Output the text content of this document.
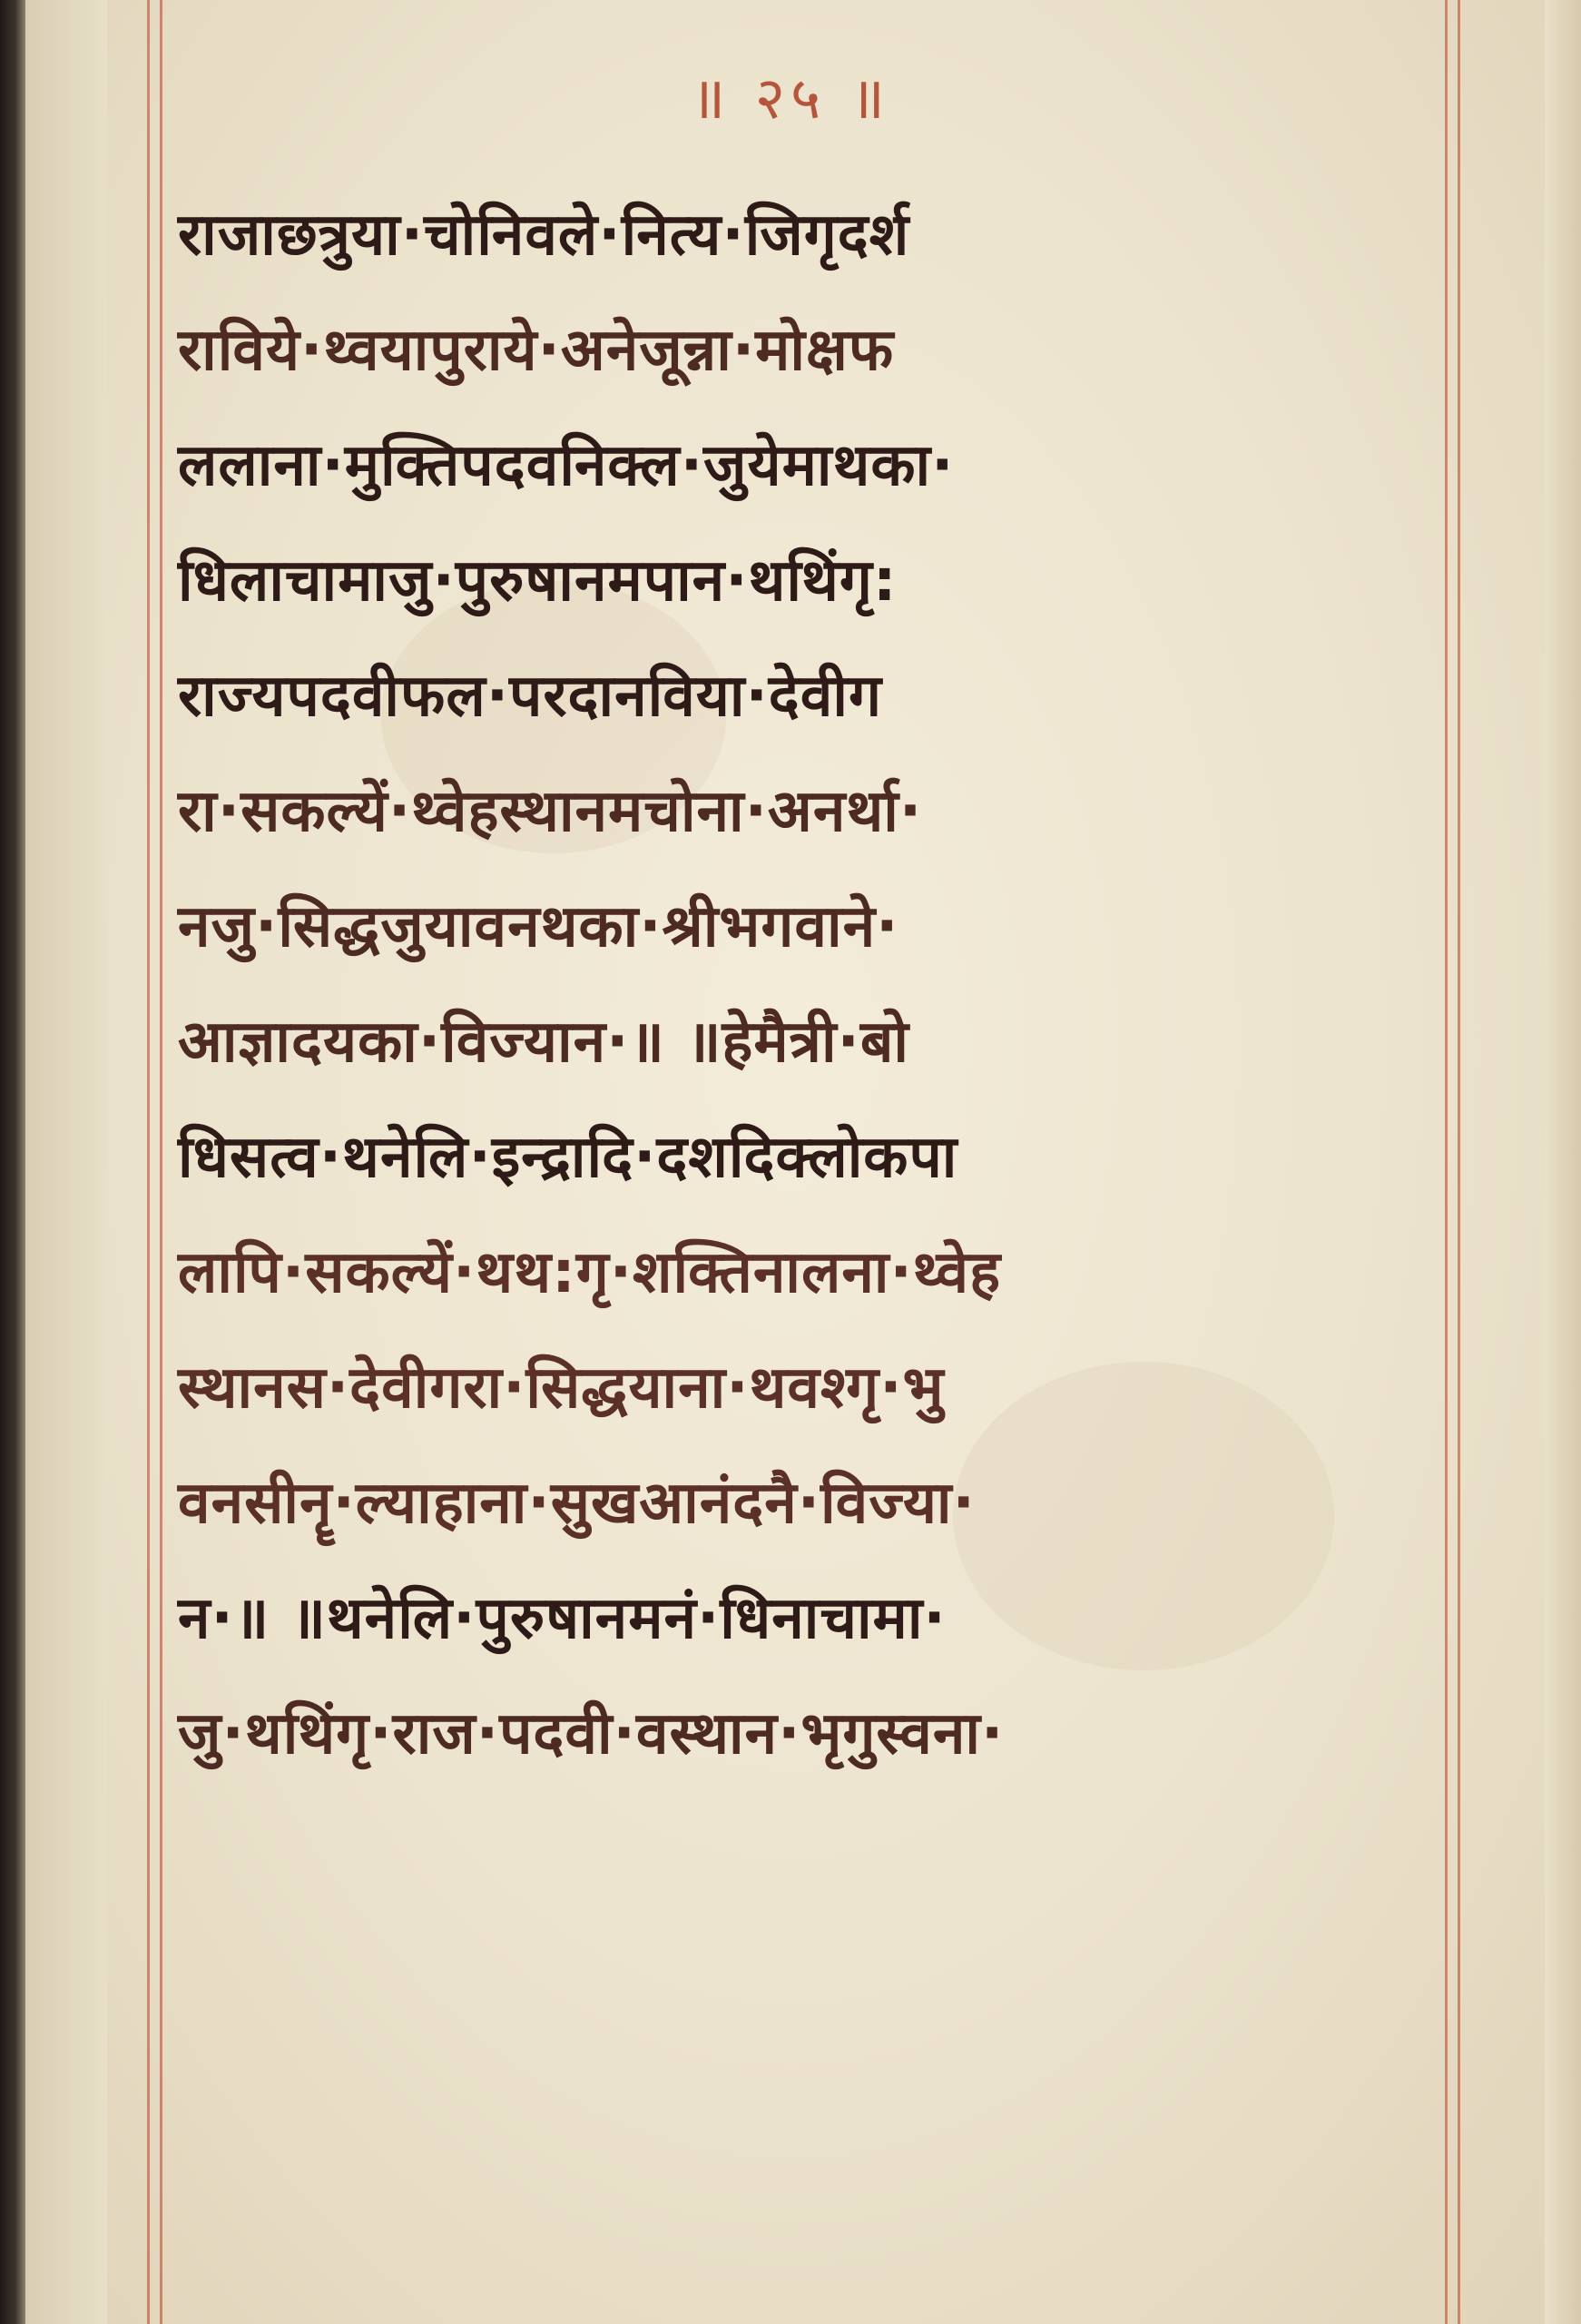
॥ २५ ॥
राजाछत्रुया·चोनिवले·नित्य·जिगृदर्श
राविये·थ्वयापुराये·अनेजून्ना·मोक्षफ
ललाना·मुक्तिपदवनिक्ल·जुयेमाथका·
धिलाचामाजु·पुरुषानमपान·थथिंगृ:
राज्यपदवीफल·परदानविया·देवीग
रा·सकल्यें·थ्वेहस्थानमचोना·अनर्था·
नजु·सिद्धजुयावनथका·श्रीभगवाने·
आज्ञादयका·विज्यान·॥ ॥हेमैत्री·बो
धिसत्व·थनेलि·इन्द्रादि·दशदिक्लोकपा
लापि·सकल्यें·थथ:गृ·शक्तिनालना·थ्वेह
स्थानस·देवीगरा·सिद्धयाना·थवश्गृ·भु
वनसीनॄ·ल्याहाना·सुखआनंदनै·विज्या·
न·॥ ॥थनेलि·पुरुषानमनं·धिनाचामा·
जु·थथिंगृ·राज·पदवी·वस्थान·भृगुस्वना·
